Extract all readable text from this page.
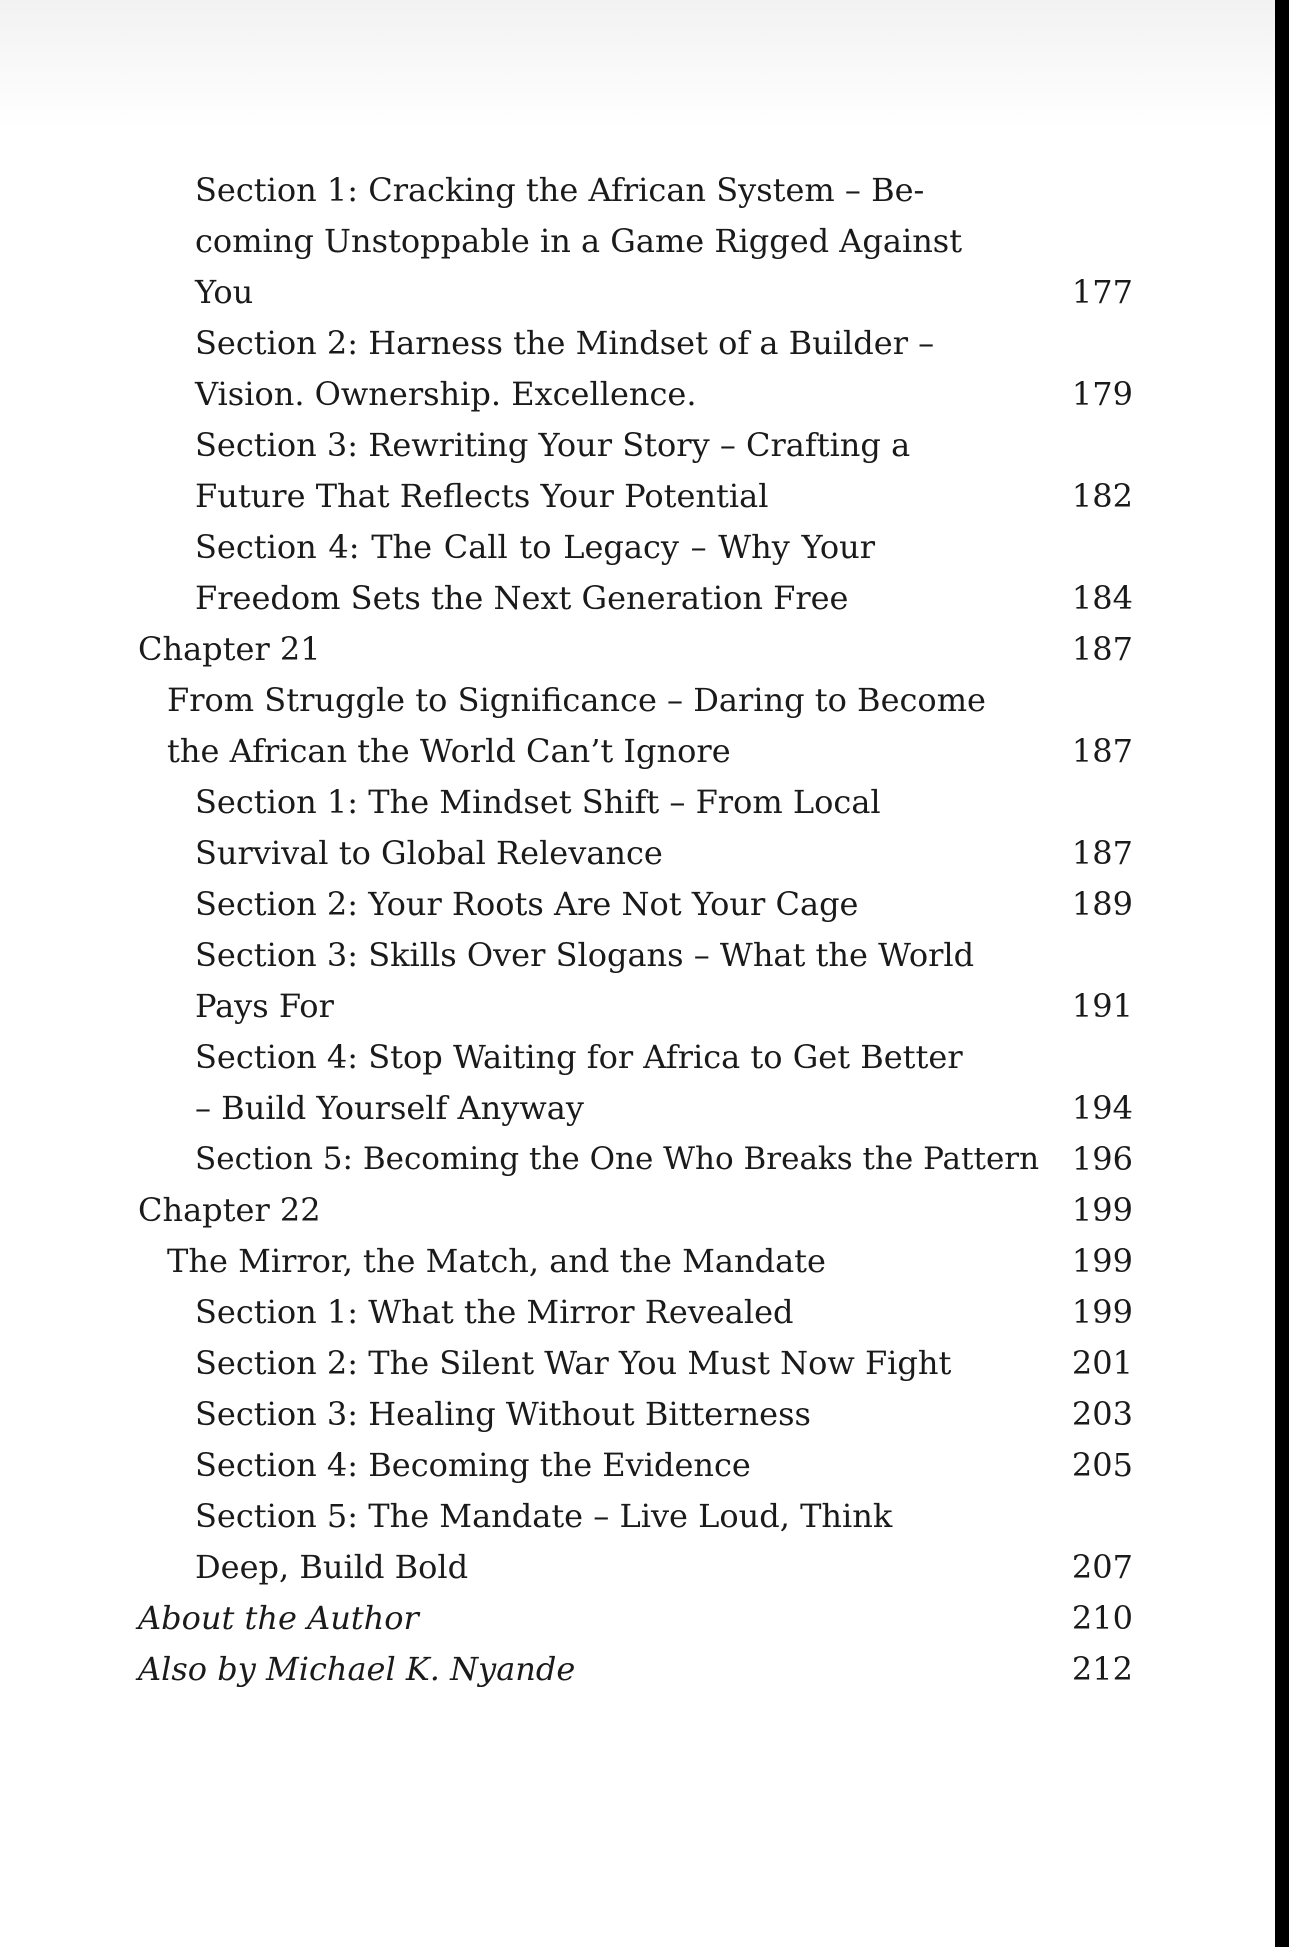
Section 1: Cracking the African System – Be-
coming Unstoppable in a Game Rigged Against
You	177
Section 2: Harness the Mindset of a Builder –
Vision. Ownership. Excellence.	179
Section 3: Rewriting Your Story – Crafting a
Future That Reflects Your Potential	182
Section 4: The Call to Legacy – Why Your
Freedom Sets the Next Generation Free	184
Chapter 21	187
From Struggle to Significance – Daring to Become
the African the World Can’t Ignore	187
Section 1: The Mindset Shift – From Local
Survival to Global Relevance	187
Section 2: Your Roots Are Not Your Cage	189
Section 3: Skills Over Slogans – What the World
Pays For	191
Section 4: Stop Waiting for Africa to Get Better
– Build Yourself Anyway	194
Section 5: Becoming the One Who Breaks the Pattern 196
Chapter 22	199
The Mirror, the Match, and the Mandate	199
Section 1: What the Mirror Revealed	199
Section 2: The Silent War You Must Now Fight	201
Section 3: Healing Without Bitterness	203
Section 4: Becoming the Evidence	205
Section 5: The Mandate – Live Loud, Think
Deep, Build Bold	207
About the Author	210
Also by Michael K. Nyande	212
